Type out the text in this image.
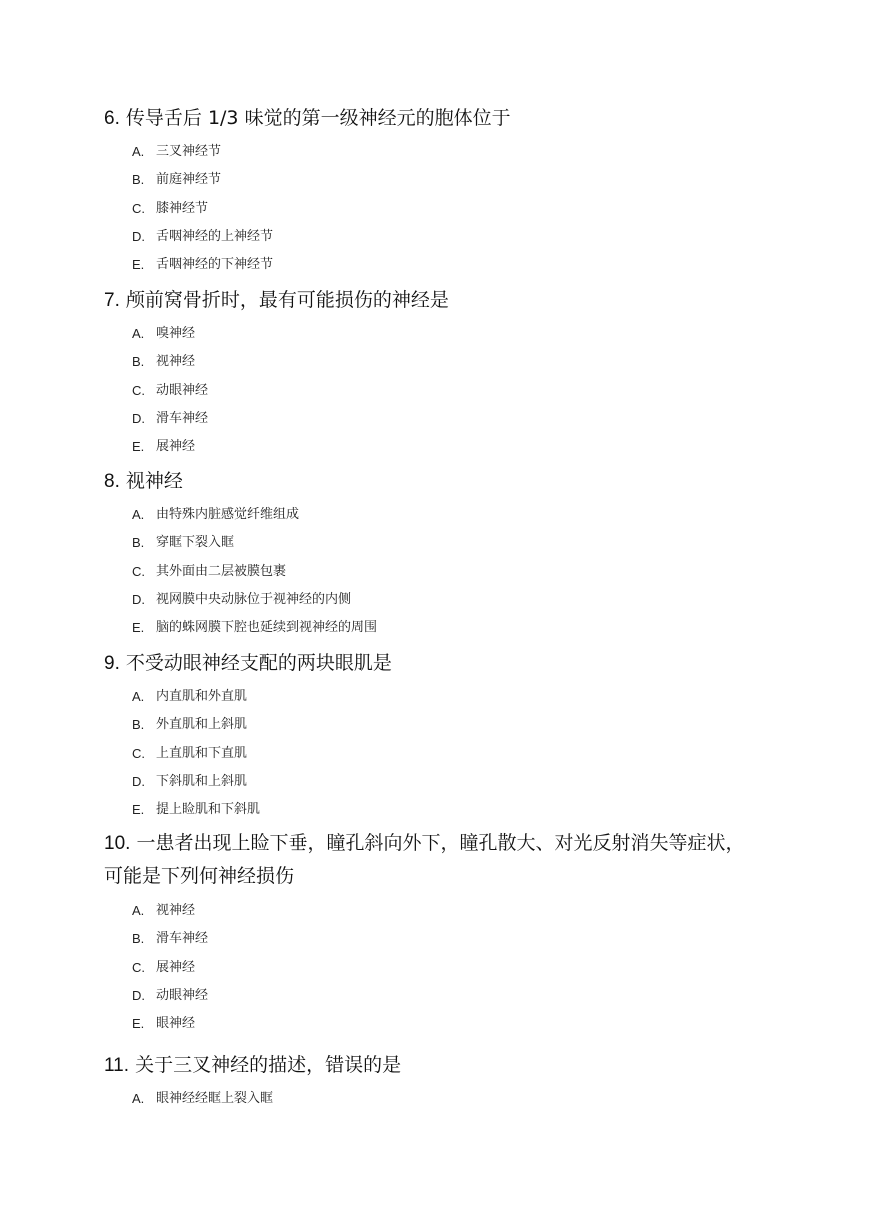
6. 传导舌后 1/3 味觉的第一级神经元的胞体位于

A. 三叉神经节
B. 前庭神经节
C. 膝神经节
D. 舌咽神经的上神经节
E. 舌咽神经的下神经节

7. 颅前窝骨折时，最有可能损伤的神经是

A. 嗅神经
B. 视神经
C. 动眼神经
D. 滑车神经
E. 展神经

8. 视神经

A. 由特殊内脏感觉纤维组成
B. 穿眶下裂入眶
C. 其外面由二层被膜包裹
D. 视网膜中央动脉位于视神经的内侧
E. 脑的蛛网膜下腔也延续到视神经的周围

9. 不受动眼神经支配的两块眼肌是

A. 内直肌和外直肌
B. 外直肌和上斜肌
C. 上直肌和下直肌
D. 下斜肌和上斜肌
E. 提上睑肌和下斜肌

10. 一患者出现上睑下垂，瞳孔斜向外下，瞳孔散大、对光反射消失等症状，可能是下列何神经损伤

A. 视神经
B. 滑车神经
C. 展神经
D. 动眼神经
E. 眼神经

11. 关于三叉神经的描述，错误的是

A. 眼神经经眶上裂入眶
